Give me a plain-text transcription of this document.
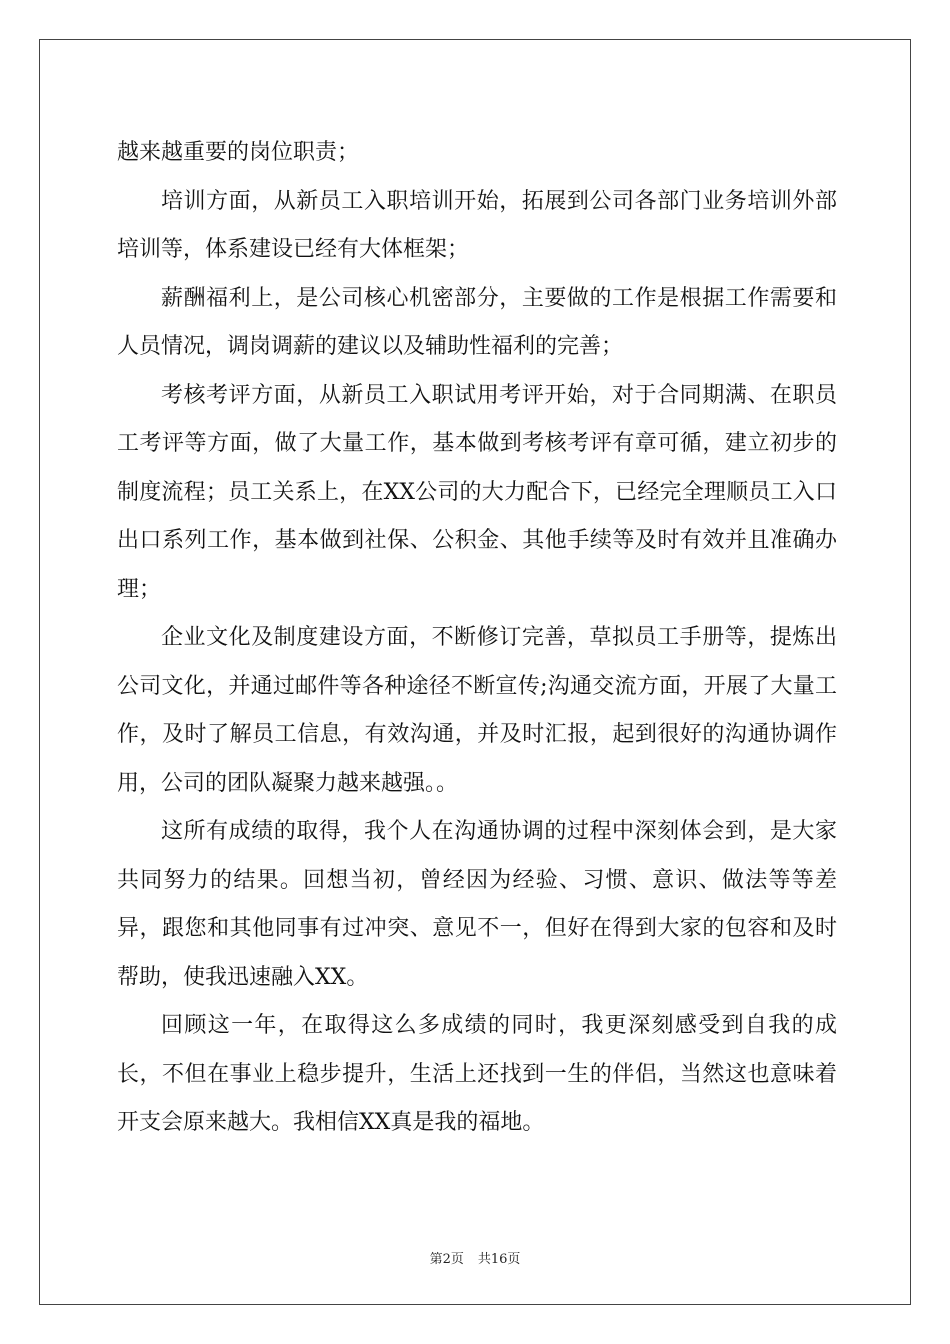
越来越重要的岗位职责；

培训方面，从新员工入职培训开始，拓展到公司各部门业务培训外部培训等，体系建设已经有大体框架；

薪酬福利上，是公司核心机密部分，主要做的工作是根据工作需要和人员情况，调岗调薪的建议以及辅助性福利的完善；

考核考评方面，从新员工入职试用考评开始，对于合同期满、在职员工考评等方面，做了大量工作，基本做到考核考评有章可循，建立初步的制度流程；员工关系上，在XX公司的大力配合下，已经完全理顺员工入口出口系列工作，基本做到社保、公积金、其他手续等及时有效并且准确办理；

企业文化及制度建设方面，不断修订完善，草拟员工手册等，提炼出公司文化，并通过邮件等各种途径不断宣传;沟通交流方面，开展了大量工作，及时了解员工信息，有效沟通，并及时汇报，起到很好的沟通协调作用，公司的团队凝聚力越来越强。。

这所有成绩的取得，我个人在沟通协调的过程中深刻体会到，是大家共同努力的结果。回想当初，曾经因为经验、习惯、意识、做法等等差异，跟您和其他同事有过冲突、意见不一，但好在得到大家的包容和及时帮助，使我迅速融入XX。

回顾这一年，在取得这么多成绩的同时，我更深刻感受到自我的成长，不但在事业上稳步提升，生活上还找到一生的伴侣，当然这也意味着开支会原来越大。我相信XX真是我的福地。

第2页 共16页
